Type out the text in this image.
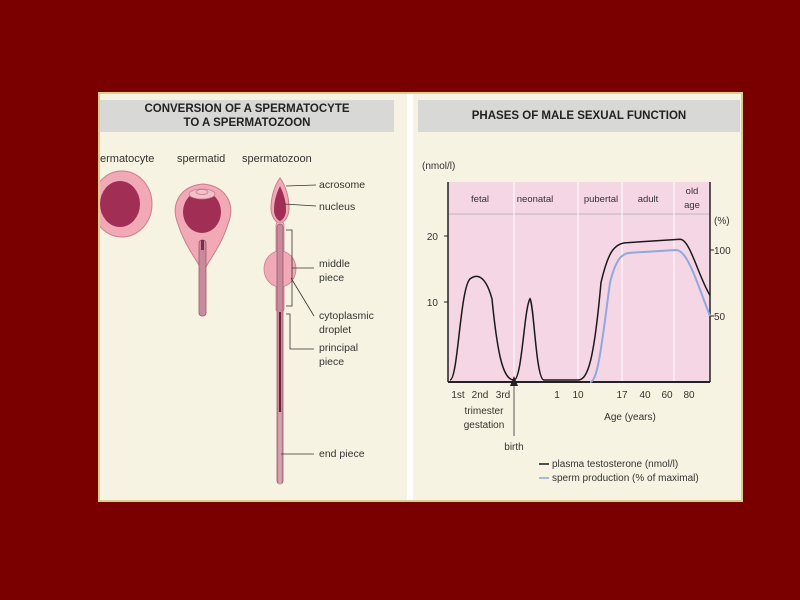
CONVERSION OF A SPERMATOCYTE
TO A SPERMATOZOON
PHASES OF MALE SEXUAL FUNCTION
ermatocyte spermatid spermatozoon
acrosome
nucleus
middle
piece
cytoplasmic
droplet
principal
piece
end piece
fetal	neonatal	pubertal adult
old
age
(nmol/l)
(%)
20
10
100
50
1st 2nd 3rd	1 10	17 40 60 80
trimester
gestation
birth
Age (years)
plasma testosterone (nmol/l)
sperm production (% of maximal)
